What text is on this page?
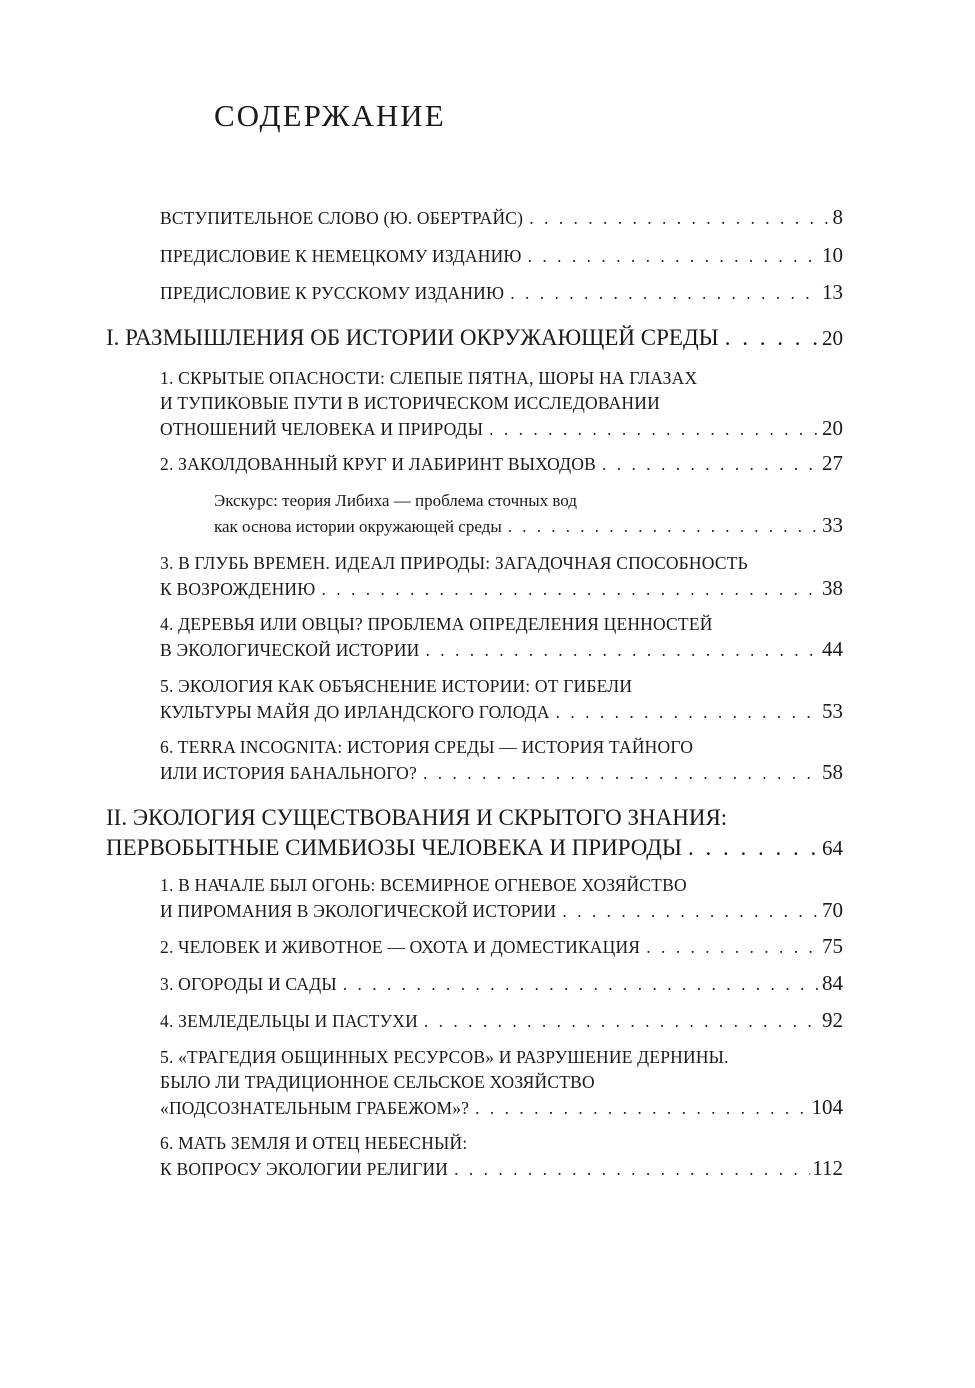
СОДЕРЖАНИЕ
ВСТУПИТЕЛЬНОЕ СЛОВО (Ю. ОБЕРТРАЙС) . . .	8
ПРЕДИСЛОВИЕ К НЕМЕЦКОМУ ИЗДАНИЮ . . .	10
ПРЕДИСЛОВИЕ К РУССКОМУ ИЗДАНИЮ . . .	13
I. РАЗМЫШЛЕНИЯ ОБ ИСТОРИИ ОКРУЖАЮЩЕЙ СРЕДЫ . . .	20
1. СКРЫТЫЕ ОПАСНОСТИ: СЛЕПЫЕ ПЯТНА, ШОРЫ НА ГЛАЗАХ
И ТУПИКОВЫЕ ПУТИ В ИСТОРИЧЕСКОМ ИССЛЕДОВАНИИ
ОТНОШЕНИЙ ЧЕЛОВЕКА И ПРИРОДЫ . . .	20
2. ЗАКОЛДОВАННЫЙ КРУГ И ЛАБИРИНТ ВЫХОДОВ . . .	27
Экскурс: теория Либиха — проблема сточных вод
как основа истории окружающей среды . . .	33
3. В ГЛУБЬ ВРЕМЕН. ИДЕАЛ ПРИРОДЫ: ЗАГАДОЧНАЯ СПОСОБНОСТЬ
К ВОЗРОЖДЕНИЮ . . .	38
4. ДЕРЕВЬЯ ИЛИ ОВЦЫ? ПРОБЛЕМА ОПРЕДЕЛЕНИЯ ЦЕННОСТЕЙ
В ЭКОЛОГИЧЕСКОЙ ИСТОРИИ . . .	44
5. ЭКОЛОГИЯ КАК ОБЪЯСНЕНИЕ ИСТОРИИ: ОТ ГИБЕЛИ
КУЛЬТУРЫ МАЙЯ ДО ИРЛАНДСКОГО ГОЛОДА . . .	53
6. TERRA INCOGNITA: ИСТОРИЯ СРЕДЫ — ИСТОРИЯ ТАЙНОГО
ИЛИ ИСТОРИЯ БАНАЛЬНОГО? . . .	58
II. ЭКОЛОГИЯ СУЩЕСТВОВАНИЯ И СКРЫТОГО ЗНАНИЯ:
ПЕРВОБЫТНЫЕ СИМБИОЗЫ ЧЕЛОВЕКА И ПРИРОДЫ . . .	64
1. В НАЧАЛЕ БЫЛ ОГОНЬ: ВСЕМИРНОЕ ОГНЕВОЕ ХОЗЯЙСТВО
И ПИРОМАНИЯ В ЭКОЛОГИЧЕСКОЙ ИСТОРИИ . . .	70
2. ЧЕЛОВЕК И ЖИВОТНОЕ — ОХОТА И ДОМЕСТИКАЦИЯ . . .	75
3. ОГОРОДЫ И САДЫ . . .	84
4. ЗЕМЛЕДЕЛЬЦЫ И ПАСТУХИ . . .	92
5. «ТРАГЕДИЯ ОБЩИННЫХ РЕСУРСОВ» И РАЗРУШЕНИЕ ДЕРНИНЫ.
БЫЛО ЛИ ТРАДИЦИОННОЕ СЕЛЬСКОЕ ХОЗЯЙСТВО
«ПОДСОЗНАТЕЛЬНЫМ ГРАБЕЖОМ»? . . .	104
6. МАТЬ ЗЕМЛЯ И ОТЕЦ НЕБЕСНЫЙ:
К ВОПРОСУ ЭКОЛОГИИ РЕЛИГИИ . . .	112
